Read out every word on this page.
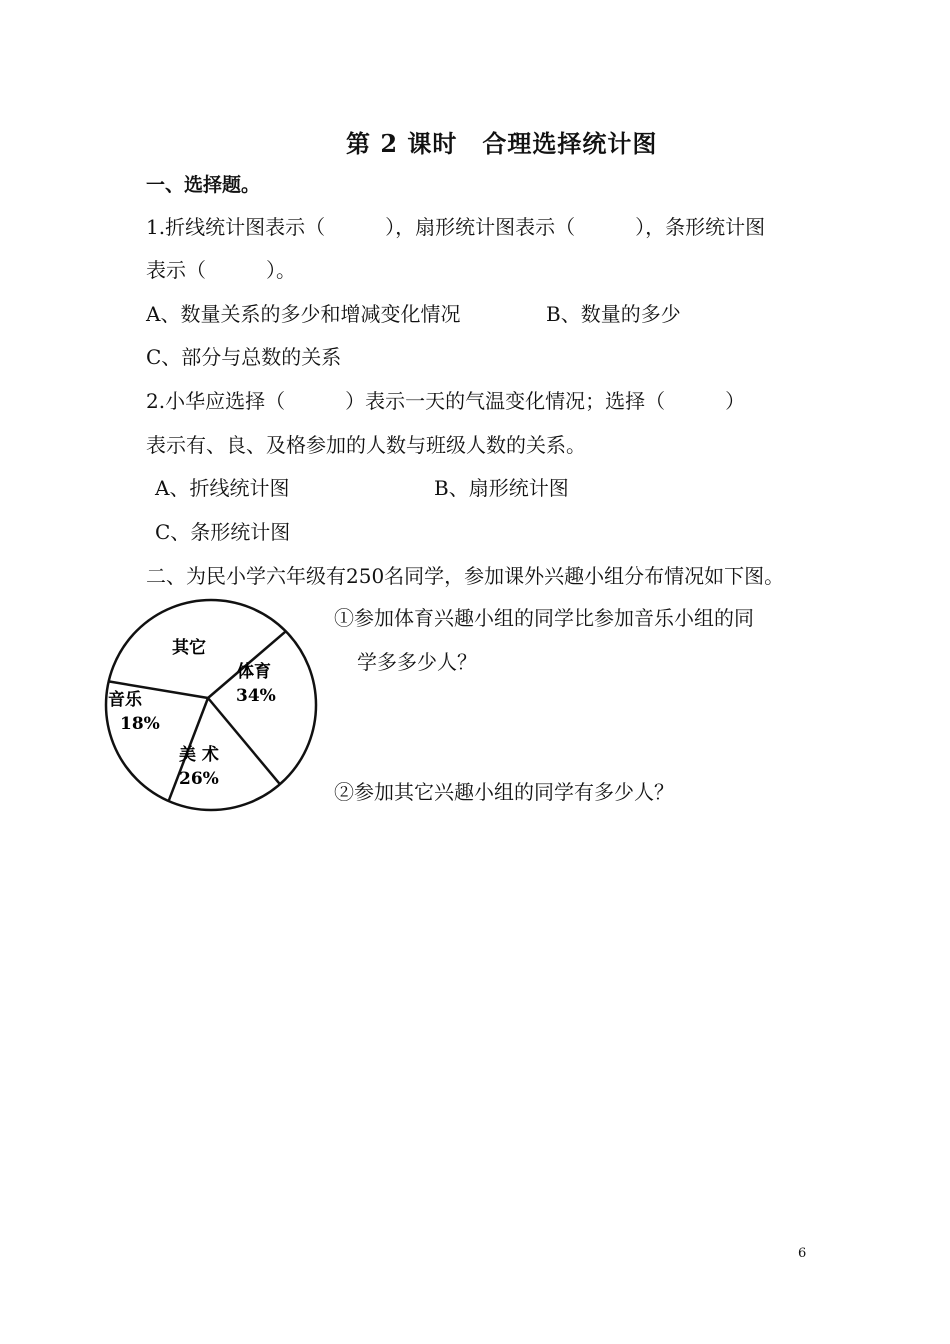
第 2 课时　合理选择统计图
一、选择题。
1.折线统计图表示（　　　），扇形统计图表示（　　　），条形统计图
表示（　　　）。
A、数量关系的多少和增减变化情况	B、数量的多少
C、部分与总数的关系
2.小华应选择（　　　）表示一天的气温变化情况；选择（　　　）
表示有、良、及格参加的人数与班级人数的关系。
A、折线统计图	B、扇形统计图
C、条形统计图
二、为民小学六年级有250名同学，参加课外兴趣小组分布情况如下图。
其它
体育
34%
音乐
18%
美 术
26%
①参加体育兴趣小组的同学比参加音乐小组的同
学多多少人？
②参加其它兴趣小组的同学有多少人？
6
